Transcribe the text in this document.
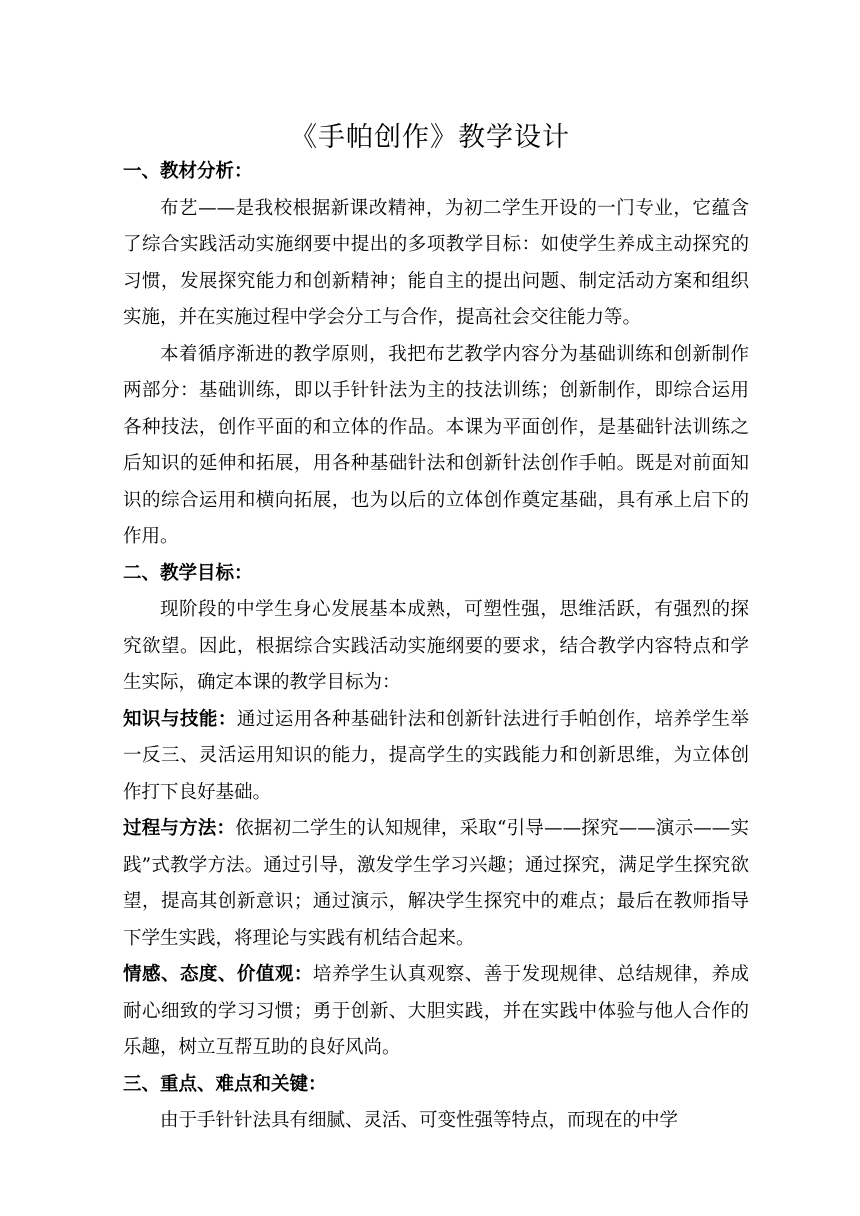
《手帕创作》教学设计

一、教材分析：

布艺——是我校根据新课改精神，为初二学生开设的一门专业，它蕴含了综合实践活动实施纲要中提出的多项教学目标：如使学生养成主动探究的习惯，发展探究能力和创新精神；能自主的提出问题、制定活动方案和组织实施，并在实施过程中学会分工与合作，提高社会交往能力等。

本着循序渐进的教学原则，我把布艺教学内容分为基础训练和创新制作两部分：基础训练，即以手针针法为主的技法训练；创新制作，即综合运用各种技法，创作平面的和立体的作品。本课为平面创作，是基础针法训练之后知识的延伸和拓展，用各种基础针法和创新针法创作手帕。既是对前面知识的综合运用和横向拓展，也为以后的立体创作奠定基础，具有承上启下的作用。

二、教学目标：

现阶段的中学生身心发展基本成熟，可塑性强，思维活跃，有强烈的探究欲望。因此，根据综合实践活动实施纲要的要求，结合教学内容特点和学生实际，确定本课的教学目标为：

知识与技能：通过运用各种基础针法和创新针法进行手帕创作，培养学生举一反三、灵活运用知识的能力，提高学生的实践能力和创新思维，为立体创作打下良好基础。

过程与方法：依据初二学生的认知规律，采取“引导——探究——演示——实践”式教学方法。通过引导，激发学生学习兴趣；通过探究，满足学生探究欲望，提高其创新意识；通过演示，解决学生探究中的难点；最后在教师指导下学生实践，将理论与实践有机结合起来。

情感、态度、价值观：培养学生认真观察、善于发现规律、总结规律，养成耐心细致的学习习惯；勇于创新、大胆实践，并在实践中体验与他人合作的乐趣，树立互帮互助的良好风尚。

三、重点、难点和关键：

由于手针针法具有细腻、灵活、可变性强等特点，而现在的中学
